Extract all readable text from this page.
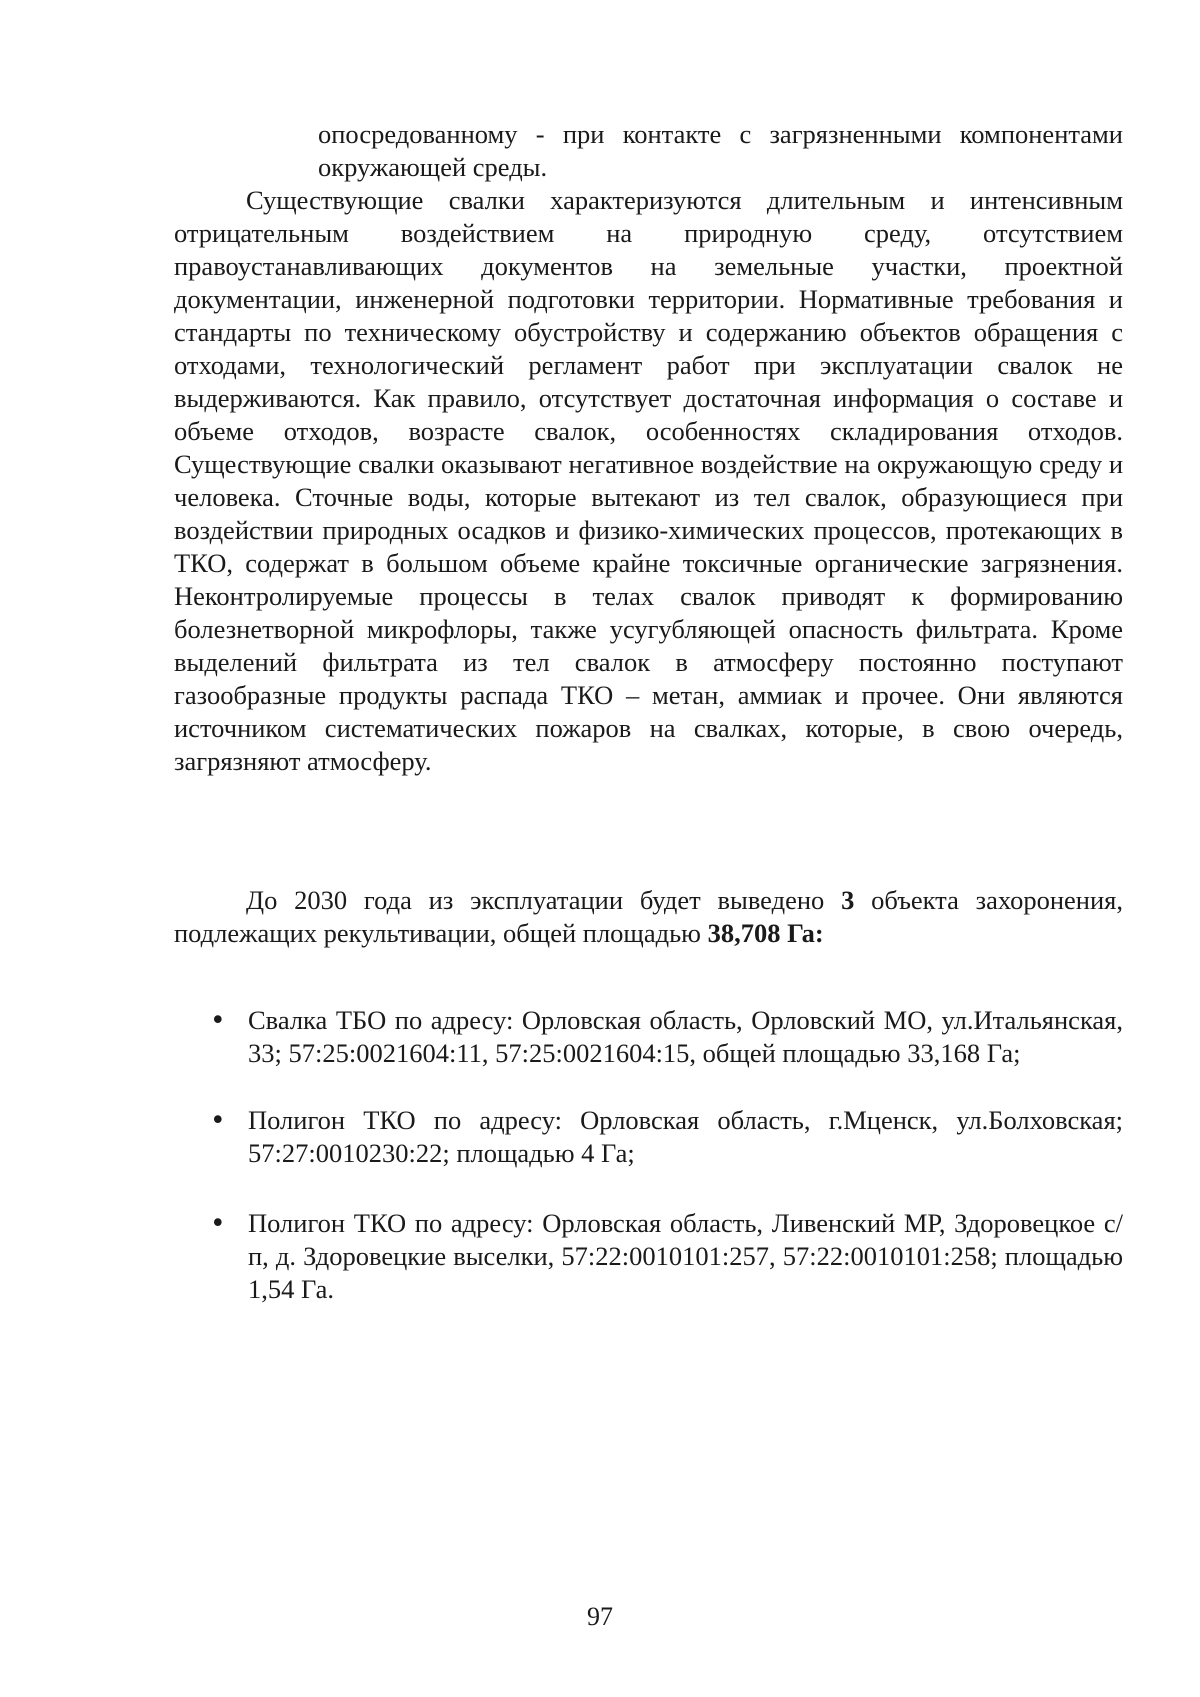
опосредованному - при контакте с загрязненными компонентами окружающей среды.

Существующие свалки характеризуются длительным и интенсивным отрицательным воздействием на природную среду, отсутствием правоустанавливающих документов на земельные участки, проектной документации, инженерной подготовки территории. Нормативные требования и стандарты по техническому обустройству и содержанию объектов обращения с отходами, технологический регламент работ при эксплуатации свалок не выдерживаются. Как правило, отсутствует достаточная информация о составе и объеме отходов, возрасте свалок, особенностях складирования отходов. Существующие свалки оказывают негативное воздействие на окружающую среду и человека. Сточные воды, которые вытекают из тел свалок, образующиеся при воздействии природных осадков и физико-химических процессов, протекающих в ТКО, содержат в большом объеме крайне токсичные органические загрязнения. Неконтролируемые процессы в телах свалок приводят к формированию болезнетворной микрофлоры, также усугубляющей опасность фильтрата. Кроме выделений фильтрата из тел свалок в атмосферу постоянно поступают газообразные продукты распада ТКО – метан, аммиак и прочее. Они являются источником систематических пожаров на свалках, которые, в свою очередь, загрязняют атмосферу.

До 2030 года из эксплуатации будет выведено 3 объекта захоронения, подлежащих рекультивации, общей площадью 38,708 Га:

• Свалка ТБО по адресу: Орловская область, Орловский МО, ул.Итальянская, 33; 57:25:0021604:11, 57:25:0021604:15, общей площадью 33,168 Га;

• Полигон ТКО по адресу: Орловская область, г.Мценск, ул.Болховская; 57:27:0010230:22; площадью 4 Га;

• Полигон ТКО по адресу: Орловская область, Ливенский МР, Здоровецкое с/п, д. Здоровецкие выселки, 57:22:0010101:257, 57:22:0010101:258; площадью 1,54 Га.

97
